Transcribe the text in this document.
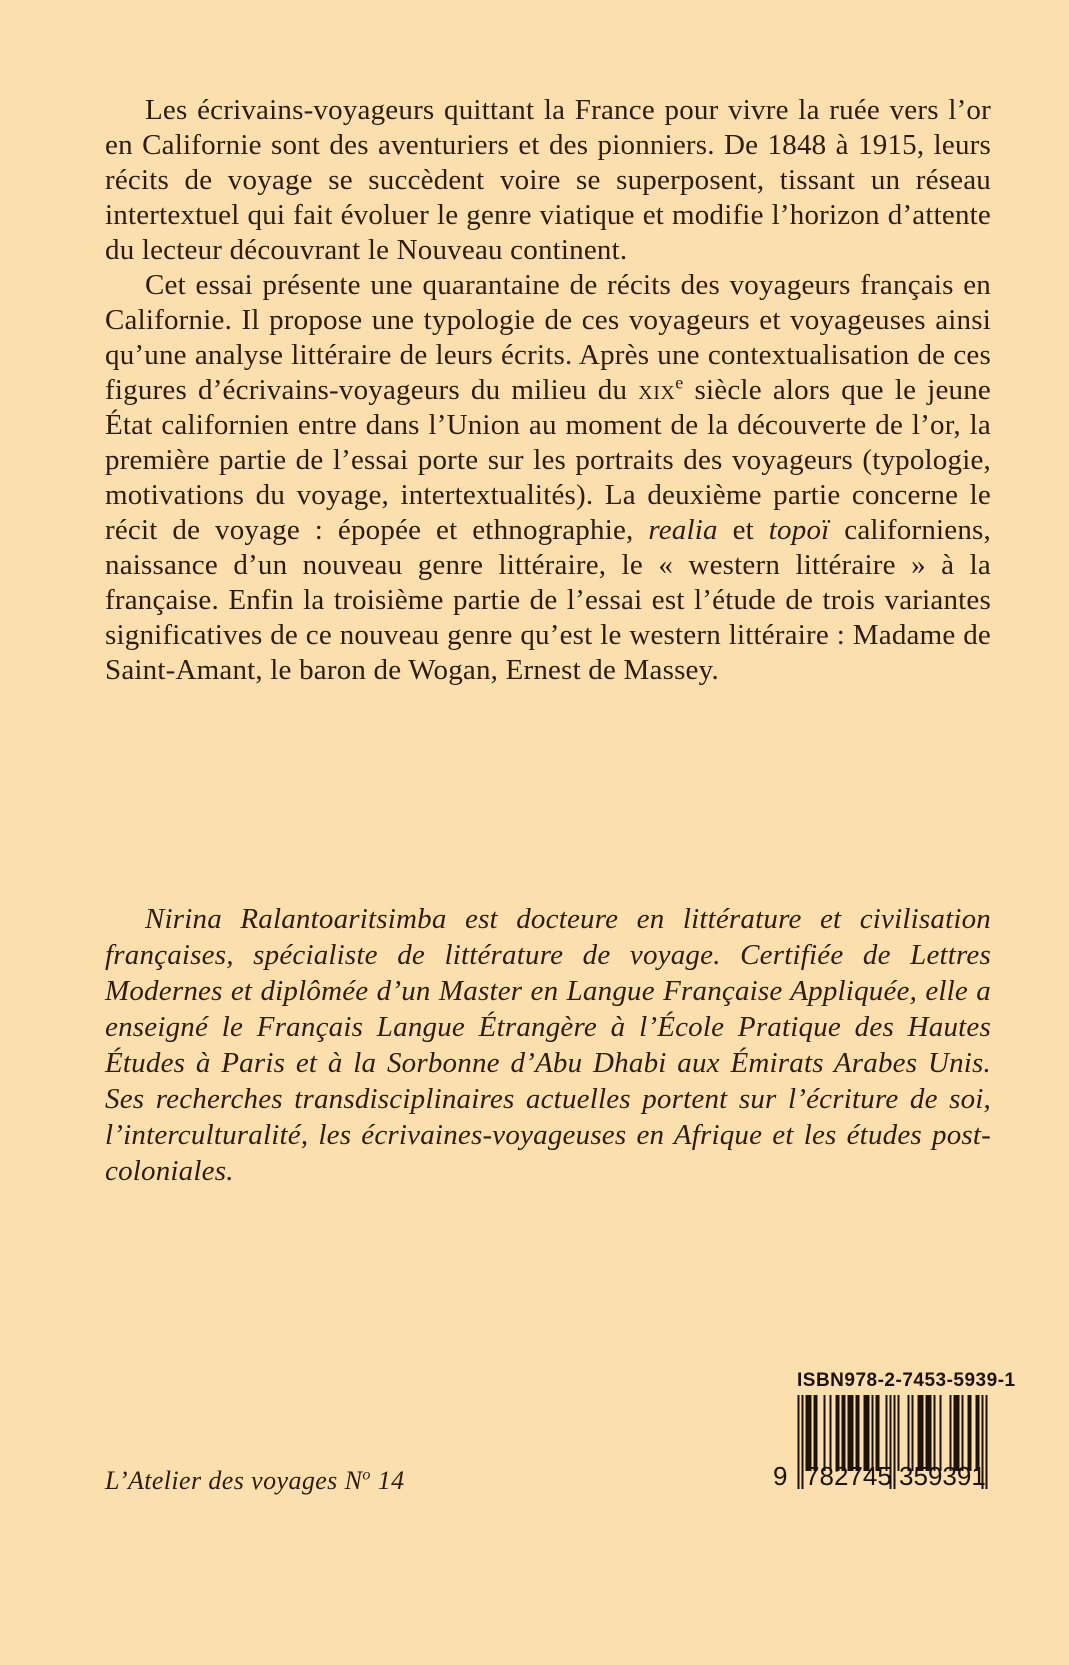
Les écrivains-voyageurs quittant la France pour vivre la ruée vers l’or en Californie sont des aventuriers et des pionniers. De 1848 à 1915, leurs récits de voyage se succèdent voire se superposent, tissant un réseau intertextuel qui fait évoluer le genre viatique et modifie l’horizon d’attente du lecteur découvrant le Nouveau continent.

Cet essai présente une quarantaine de récits des voyageurs français en Californie. Il propose une typologie de ces voyageurs et voyageuses ainsi qu’une analyse littéraire de leurs écrits. Après une contextualisation de ces figures d’écrivains-voyageurs du milieu du xix$^e$ siècle alors que le jeune État californien entre dans l’Union au moment de la découverte de l’or, la première partie de l’essai porte sur les portraits des voyageurs (typologie, motivations du voyage, intertextualités). La deuxième partie concerne le récit de voyage : épopée et ethnographie, realia et topoï californiens, naissance d’un nouveau genre littéraire, le « western littéraire » à la française. Enfin la troisième partie de l’essai est l’étude de trois variantes significatives de ce nouveau genre qu’est le western littéraire : Madame de Saint-Amant, le baron de Wogan, Ernest de Massey.

Nirina Ralantoaritsimba est docteure en littérature et civilisation françaises, spécialiste de littérature de voyage. Certifiée de Lettres Modernes et diplômée d’un Master en Langue Française Appliquée, elle a enseigné le Français Langue Étrangère à l’École Pratique des Hautes Études à Paris et à la Sorbonne d’Abu Dhabi aux Émirats Arabes Unis. Ses recherches transdisciplinaires actuelles portent sur l’écriture de soi, l’interculturalité, les écrivaines-voyageuses en Afrique et les études post-coloniales.

L’Atelier des voyages $N^o$ 14
ISBN 978-2-7453-5939-1
9 7 8 2 7 4 5 3 5 9 3 9 1
